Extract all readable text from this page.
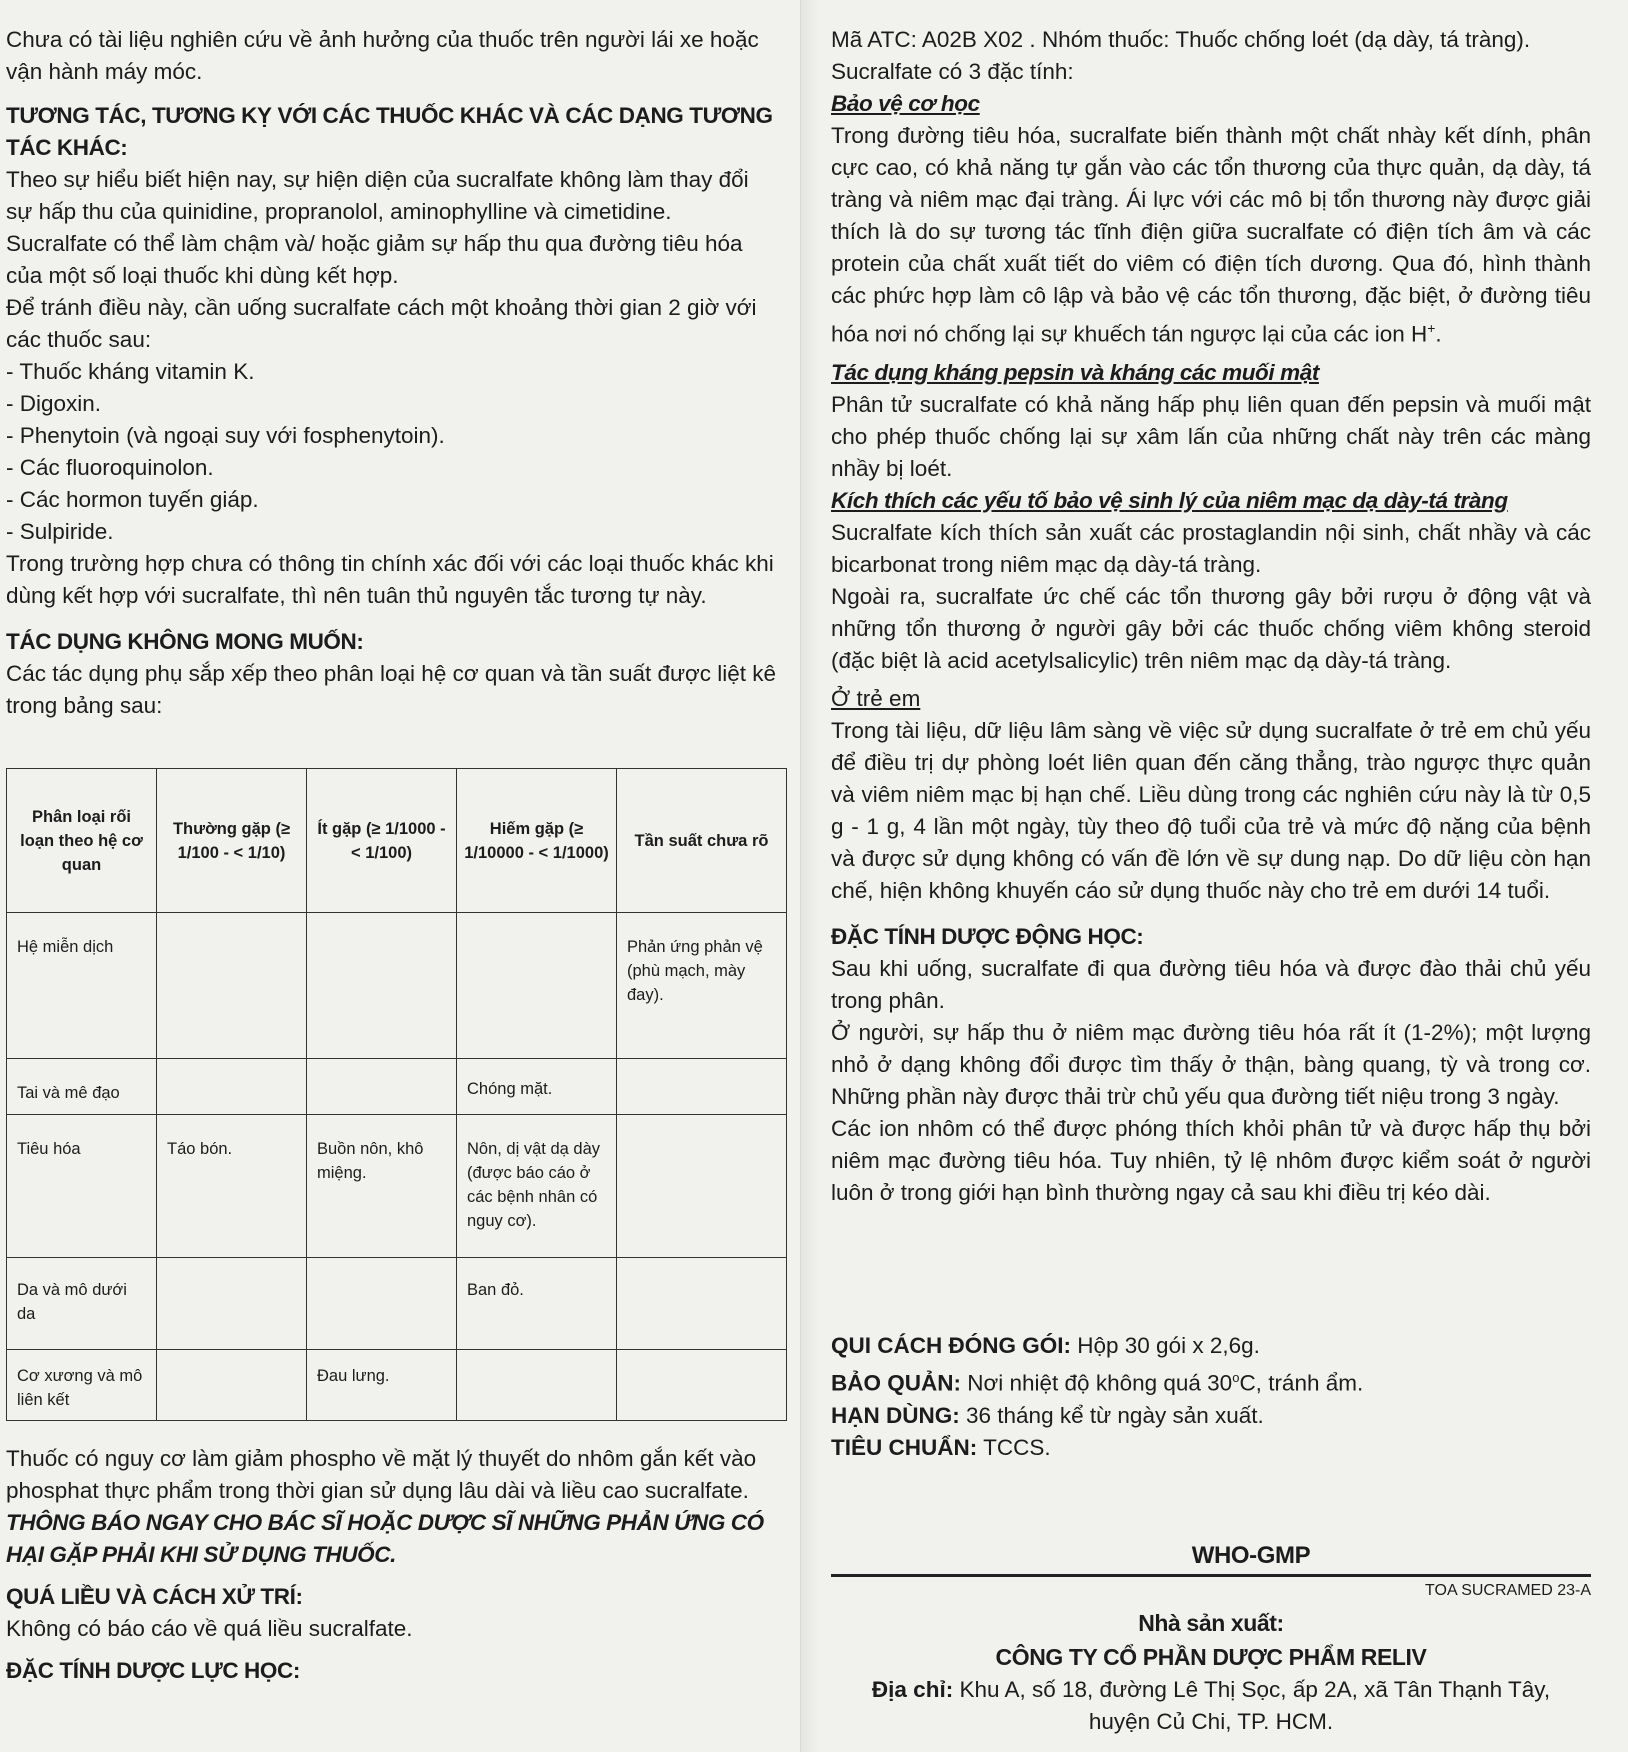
Chưa có tài liệu nghiên cứu về ảnh hưởng của thuốc trên người lái xe hoặc vận hành máy móc.

TƯƠNG TÁC, TƯƠNG KỴ VỚI CÁC THUỐC KHÁC VÀ CÁC DẠNG TƯƠNG TÁC KHÁC:

Theo sự hiểu biết hiện nay, sự hiện diện của sucralfate không làm thay đổi sự hấp thu của quinidine, propranolol, aminophylline và cimetidine.

Sucralfate có thể làm chậm và/ hoặc giảm sự hấp thu qua đường tiêu hóa của một số loại thuốc khi dùng kết hợp.

Để tránh điều này, cần uống sucralfate cách một khoảng thời gian 2 giờ với các thuốc sau:

- Thuốc kháng vitamin K.

- Digoxin.

- Phenytoin (và ngoại suy với fosphenytoin).

- Các fluoroquinolon.

- Các hormon tuyến giáp.

- Sulpiride.

Trong trường hợp chưa có thông tin chính xác đối với các loại thuốc khác khi dùng kết hợp với sucralfate, thì nên tuân thủ nguyên tắc tương tự này.

TÁC DỤNG KHÔNG MONG MUỐN:

Các tác dụng phụ sắp xếp theo phân loại hệ cơ quan và tần suất được liệt kê trong bảng sau:

Phân loại rối loạn theo hệ cơ quan	Thường gặp (≥ 1/100 - < 1/10)	Ít gặp (≥ 1/1000 - < 1/100)	Hiếm gặp (≥ 1/10000 - < 1/1000)	Tần suất chưa rõ
Hệ miễn dịch				Phản ứng phản vệ (phù mạch, mày đay).
Tai và mê đạo			Chóng mặt.	
Tiêu hóa	Táo bón.	Buồn nôn, khô miệng.	Nôn, dị vật dạ dày (được báo cáo ở các bệnh nhân có nguy cơ).	
Da và mô dưới da			Ban đỏ.	
Cơ xương và mô liên kết		Đau lưng.		

Thuốc có nguy cơ làm giảm phospho về mặt lý thuyết do nhôm gắn kết vào phosphat thực phẩm trong thời gian sử dụng lâu dài và liều cao sucralfate.

THÔNG BÁO NGAY CHO BÁC SĨ HOẶC DƯỢC SĨ NHỮNG PHẢN ỨNG CÓ HẠI GẶP PHẢI KHI SỬ DỤNG THUỐC.

QUÁ LIỀU VÀ CÁCH XỬ TRÍ:

Không có báo cáo về quá liều sucralfate.

ĐẶC TÍNH DƯỢC LỰC HỌC:

Mã ATC: A02B X02 . Nhóm thuốc: Thuốc chống loét (dạ dày, tá tràng).

Sucralfate có 3 đặc tính:

Bảo vệ cơ học

Trong đường tiêu hóa, sucralfate biến thành một chất nhày kết dính, phân cực cao, có khả năng tự gắn vào các tổn thương của thực quản, dạ dày, tá tràng và niêm mạc đại tràng. Ái lực với các mô bị tổn thương này được giải thích là do sự tương tác tĩnh điện giữa sucralfate có điện tích âm và các protein của chất xuất tiết do viêm có điện tích dương. Qua đó, hình thành các phức hợp làm cô lập và bảo vệ các tổn thương, đặc biệt, ở đường tiêu hóa nơi nó chống lại sự khuếch tán ngược lại của các ion H+.

Tác dụng kháng pepsin và kháng các muối mật

Phân tử sucralfate có khả năng hấp phụ liên quan đến pepsin và muối mật cho phép thuốc chống lại sự xâm lấn của những chất này trên các màng nhầy bị loét.

Kích thích các yếu tố bảo vệ sinh lý của niêm mạc dạ dày-tá tràng

Sucralfate kích thích sản xuất các prostaglandin nội sinh, chất nhầy và các bicarbonat trong niêm mạc dạ dày-tá tràng.

Ngoài ra, sucralfate ức chế các tổn thương gây bởi rượu ở động vật và những tổn thương ở người gây bởi các thuốc chống viêm không steroid (đặc biệt là acid acetylsalicylic) trên niêm mạc dạ dày-tá tràng.

Ở trẻ em

Trong tài liệu, dữ liệu lâm sàng về việc sử dụng sucralfate ở trẻ em chủ yếu để điều trị dự phòng loét liên quan đến căng thẳng, trào ngược thực quản và viêm niêm mạc bị hạn chế. Liều dùng trong các nghiên cứu này là từ 0,5 g - 1 g, 4 lần một ngày, tùy theo độ tuổi của trẻ và mức độ nặng của bệnh và được sử dụng không có vấn đề lớn về sự dung nạp. Do dữ liệu còn hạn chế, hiện không khuyến cáo sử dụng thuốc này cho trẻ em dưới 14 tuổi.

ĐẶC TÍNH DƯỢC ĐỘNG HỌC:

Sau khi uống, sucralfate đi qua đường tiêu hóa và được đào thải chủ yếu trong phân.

Ở người, sự hấp thu ở niêm mạc đường tiêu hóa rất ít (1-2%); một lượng nhỏ ở dạng không đổi được tìm thấy ở thận, bàng quang, tỳ và trong cơ. Những phần này được thải trừ chủ yếu qua đường tiết niệu trong 3 ngày.

Các ion nhôm có thể được phóng thích khỏi phân tử và được hấp thụ bởi niêm mạc đường tiêu hóa. Tuy nhiên, tỷ lệ nhôm được kiểm soát ở người luôn ở trong giới hạn bình thường ngay cả sau khi điều trị kéo dài.

QUI CÁCH ĐÓNG GÓI: Hộp 30 gói x 2,6g.

BẢO QUẢN: Nơi nhiệt độ không quá 30$^o$C, tránh ẩm.

HẠN DÙNG: 36 tháng kể từ ngày sản xuất.

TIÊU CHUẨN: TCCS.

WHO-GMP

TOA SUCRAMED 23-A

Nhà sản xuất:

CÔNG TY CỔ PHẦN DƯỢC PHẨM RELIV

Địa chỉ: Khu A, số 18, đường Lê Thị Sọc, ấp 2A, xã Tân Thạnh Tây,

huyện Củ Chi, TP. HCM.
